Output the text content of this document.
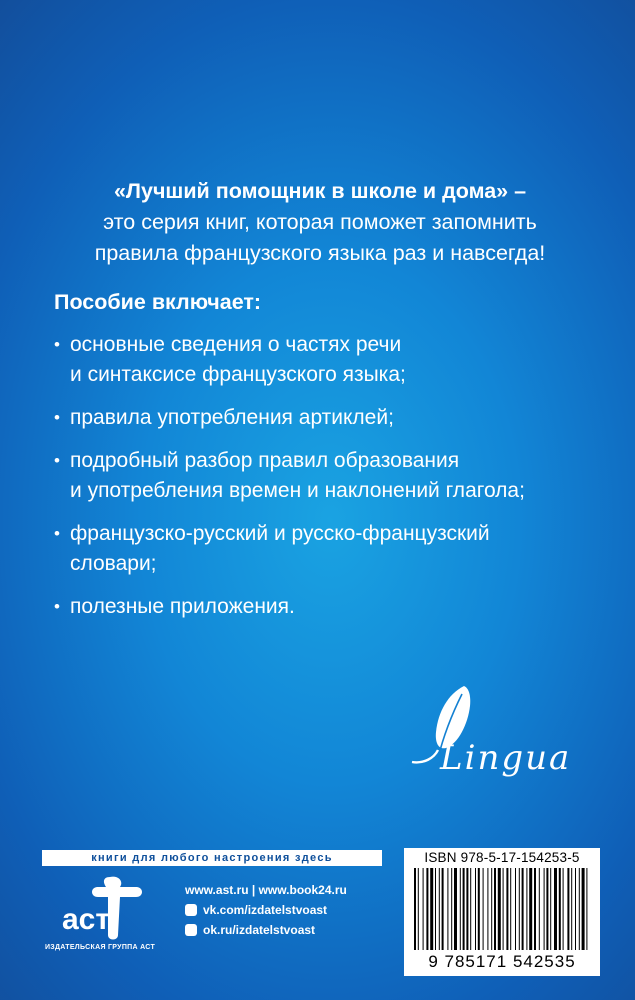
«Лучший помощник в школе и дома» –
это серия книг, которая поможет запомнить
правила французского языка раз и навсегда!
Пособие включает:
• основные сведения о частях речи
и синтаксисе французского языка;
• правила употребления артиклей;
• подробный разбор правил образования
и употребления времен и наклонений глагола;
• французско-русский и русско-французский
словари;
• полезные приложения.
Lingua
книги для любого настроения здесь
аст
ИЗДАТЕЛЬСКАЯ ГРУППА АСТ
www.ast.ru | www.book24.ru
vk.com/izdatelstvoast
ok.ru/izdatelstvoast
ISBN 978-5-17-154253-5
9 785171 542535
